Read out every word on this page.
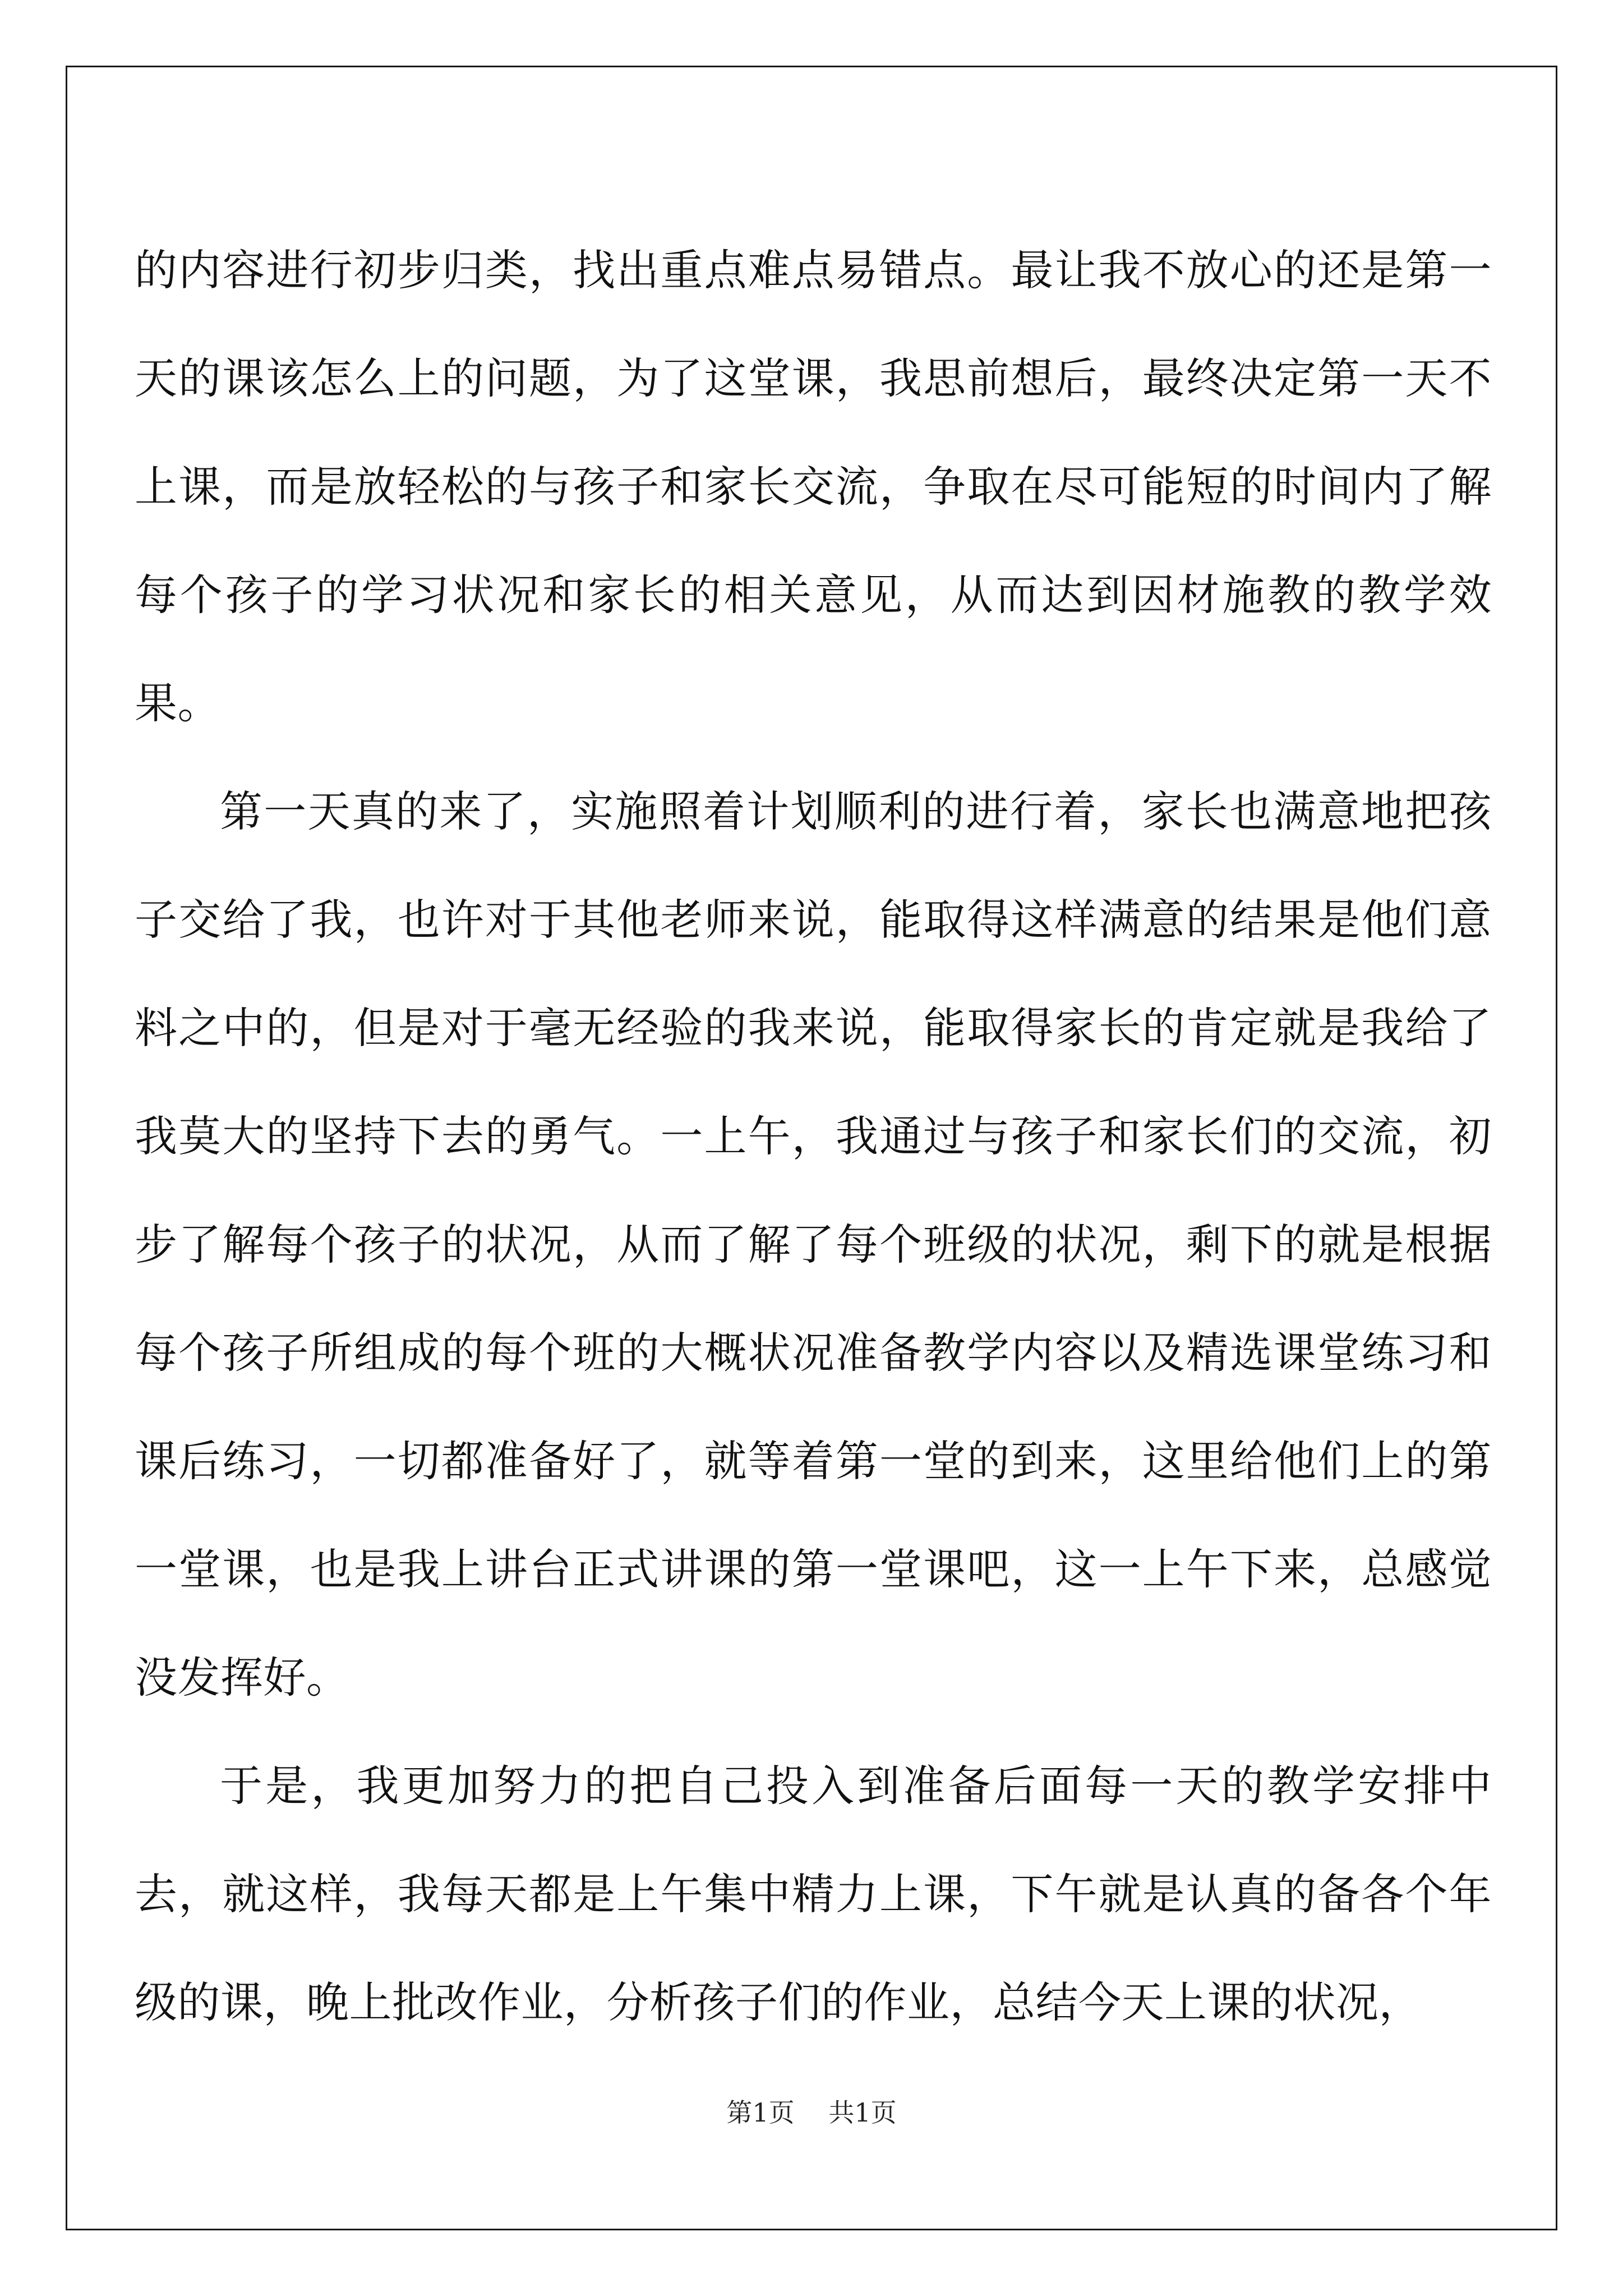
的内容进行初步归类，找出重点难点易错点。最让我不放心的还是第一天的课该怎么上的问题，为了这堂课，我思前想后，最终决定第一天不上课，而是放轻松的与孩子和家长交流，争取在尽可能短的时间内了解每个孩子的学习状况和家长的相关意见，从而达到因材施教的教学效果。

第一天真的来了，实施照着计划顺利的进行着，家长也满意地把孩子交给了我，也许对于其他老师来说，能取得这样满意的结果是他们意料之中的，但是对于毫无经验的我来说，能取得家长的肯定就是我给了我莫大的坚持下去的勇气。一上午，我通过与孩子和家长们的交流，初步了解每个孩子的状况，从而了解了每个班级的状况，剩下的就是根据每个孩子所组成的每个班的大概状况准备教学内容以及精选课堂练习和课后练习，一切都准备好了，就等着第一堂的到来，这里给他们上的第一堂课，也是我上讲台正式讲课的第一堂课吧，这一上午下来，总感觉没发挥好。

于是，我更加努力的把自己投入到准备后面每一天的教学安排中去，就这样，我每天都是上午集中精力上课，下午就是认真的备各个年级的课，晚上批改作业，分析孩子们的作业，总结今天上课的状况，

第1页 共1页
